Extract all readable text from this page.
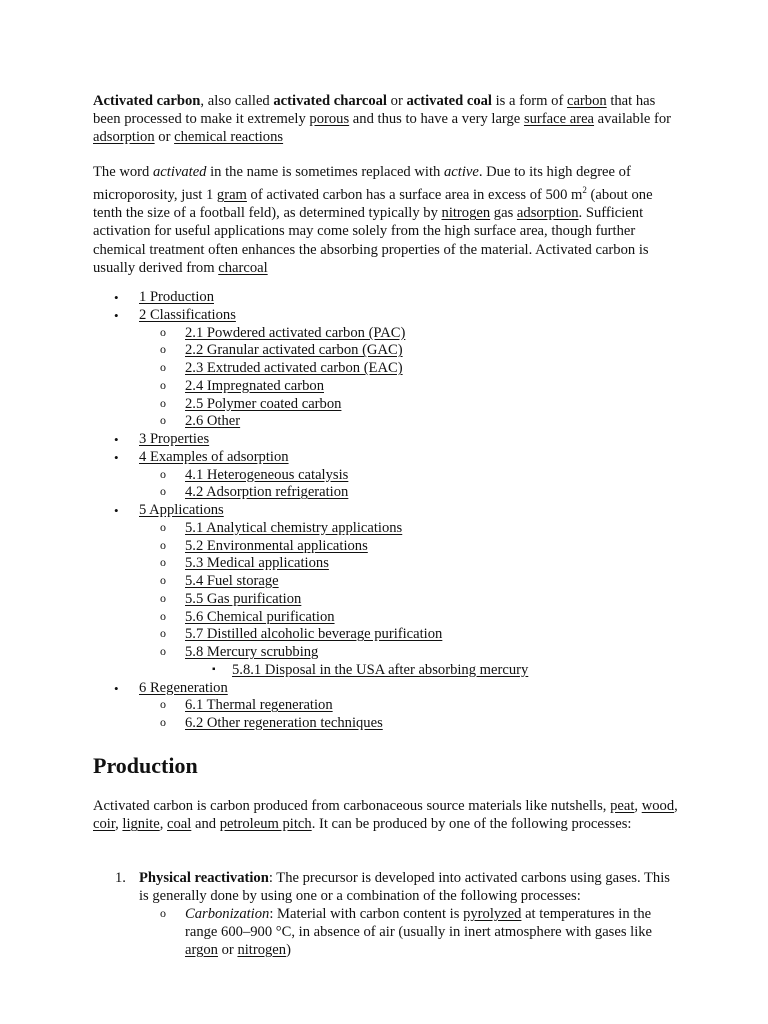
Activated carbon, also called activated charcoal or activated coal is a form of carbon that has been processed to make it extremely porous and thus to have a very large surface area available for adsorption or chemical reactions

The word activated in the name is sometimes replaced with active. Due to its high degree of microporosity, just 1 gram of activated carbon has a surface area in excess of 500 $m^2$ (about one tenth the size of a football feld), as determined typically by nitrogen gas adsorption. Sufficient activation for useful applications may come solely from the high surface area, though further chemical treatment often enhances the absorbing properties of the material. Activated carbon is usually derived from charcoal

• 1 Production
• 2 Classifications
o 2.1 Powdered activated carbon (PAC)
o 2.2 Granular activated carbon (GAC)
o 2.3 Extruded activated carbon (EAC)
o 2.4 Impregnated carbon
o 2.5 Polymer coated carbon
o 2.6 Other
• 3 Properties
• 4 Examples of adsorption
o 4.1 Heterogeneous catalysis
o 4.2 Adsorption refrigeration
• 5 Applications
o 5.1 Analytical chemistry applications
o 5.2 Environmental applications
o 5.3 Medical applications
o 5.4 Fuel storage
o 5.5 Gas purification
o 5.6 Chemical purification
o 5.7 Distilled alcoholic beverage purification
o 5.8 Mercury scrubbing
▪ 5.8.1 Disposal in the USA after absorbing mercury
• 6 Regeneration
o 6.1 Thermal regeneration
o 6.2 Other regeneration techniques
Production

Activated carbon is carbon produced from carbonaceous source materials like nutshells, peat, wood, coir, lignite, coal and petroleum pitch. It can be produced by one of the following processes:

1. Physical reactivation: The precursor is developed into activated carbons using gases. This is generally done by using one or a combination of the following processes:
o Carbonization: Material with carbon content is pyrolyzed at temperatures in the range 600–900 °C, in absence of air (usually in inert atmosphere with gases like argon or nitrogen)
